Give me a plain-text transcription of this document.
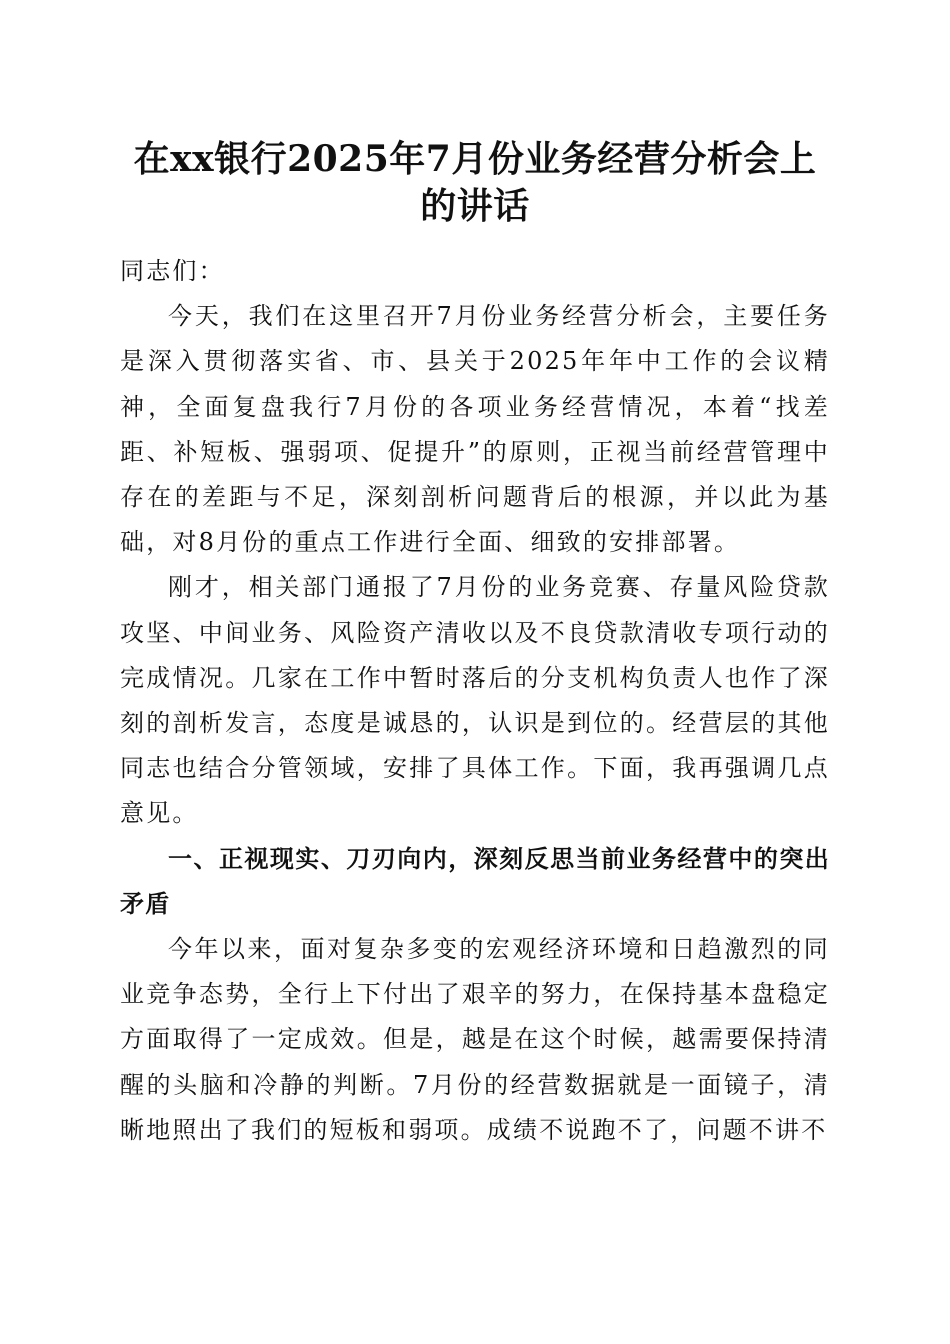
在xx银行2025年7月份业务经营分析会上的讲话

同志们：

今天，我们在这里召开7月份业务经营分析会，主要任务是深入贯彻落实省、市、县关于2025年年中工作的会议精神，全面复盘我行7月份的各项业务经营情况，本着“找差距、补短板、强弱项、促提升”的原则，正视当前经营管理中存在的差距与不足，深刻剖析问题背后的根源，并以此为基础，对8月份的重点工作进行全面、细致的安排部署。

刚才，相关部门通报了7月份的业务竞赛、存量风险贷款攻坚、中间业务、风险资产清收以及不良贷款清收专项行动的完成情况。几家在工作中暂时落后的分支机构负责人也作了深刻的剖析发言，态度是诚恳的，认识是到位的。经营层的其他同志也结合分管领域，安排了具体工作。下面，我再强调几点意见。

一、正视现实、刀刃向内，深刻反思当前业务经营中的突出矛盾

今年以来，面对复杂多变的宏观经济环境和日趋激烈的同业竞争态势，全行上下付出了艰辛的努力，在保持基本盘稳定方面取得了一定成效。但是，越是在这个时候，越需要保持清醒的头脑和冷静的判断。7月份的经营数据就是一面镜子，清晰地照出了我们的短板和弱项。成绩不说跑不了，问题不讲不
